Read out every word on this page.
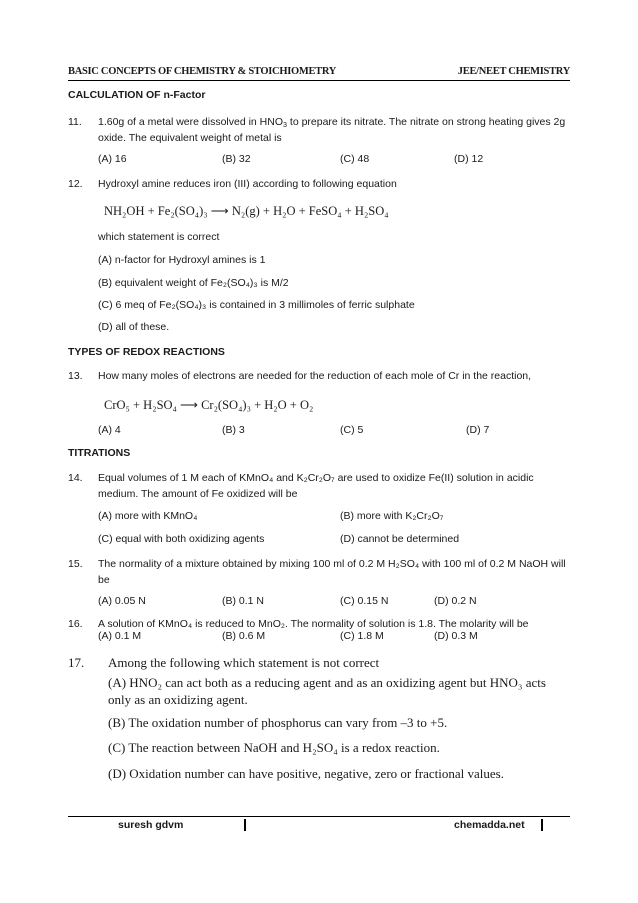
BASIC CONCEPTS OF CHEMISTRY & STOICHIOMETRY	JEE/NEET CHEMISTRY
CALCULATION OF n-Factor
11. 1.60g of a metal were dissolved in $HNO_3$ to prepare its nitrate. The nitrate on strong heating gives 2g oxide. The equivalent weight of metal is
(A) 16	(B) 32	(C) 48	(D) 12
12. Hydroxyl amine reduces iron (III) according to following equation
NH₂OH + Fe₂(SO₄)₃ ⟶ N₂(g) + H₂O + FeSO₄ + H₂SO₄
which statement is correct
(A) n-factor for Hydroxyl amines is 1
(B) equivalent weight of Fe₂(SO₄)₃ is M/2
(C) 6 meq of Fe₂(SO₄)₃ is contained in 3 millimoles of ferric sulphate
(D) all of these.
TYPES OF REDOX REACTIONS
13. How many moles of electrons are needed for the reduction of each mole of Cr in the reaction,
CrO₅ + H₂SO₄ ⟶ Cr₂(SO₄)₃ + H₂O + O₂
(A) 4	(B) 3	(C) 5	(D) 7
TITRATIONS
14. Equal volumes of 1 M each of KMnO₄ and K₂Cr₂O₇ are used to oxidize Fe(II) solution in acidic medium. The amount of Fe oxidized will be
(A) more with KMnO₄	(B) more with K₂Cr₂O₇
(C) equal with both oxidizing agents	(D) cannot be determined
15. The normality of a mixture obtained by mixing 100 ml of 0.2 M H₂SO₄ with 100 ml of 0.2 M NaOH will be
(A) 0.05 N	(B) 0.1 N	(C) 0.15 N	(D) 0.2 N
16. A solution of KMnO₄ is reduced to MnO₂. The normality of solution is 1.8. The molarity will be
(A) 0.1 M	(B) 0.6 M	(C) 1.8 M	(D) 0.3 M
17. Among the following which statement is not correct
(A) HNO₂ can act both as a reducing agent and as an oxidizing agent but HNO₃ acts only as an oxidizing agent.
(B) The oxidation number of phosphorus can vary from –3 to +5.
(C) The reaction between NaOH and H₂SO₄ is a redox reaction.
(D) Oxidation number can have positive, negative, zero or fractional values.
suresh gdvm	chemadda.net
